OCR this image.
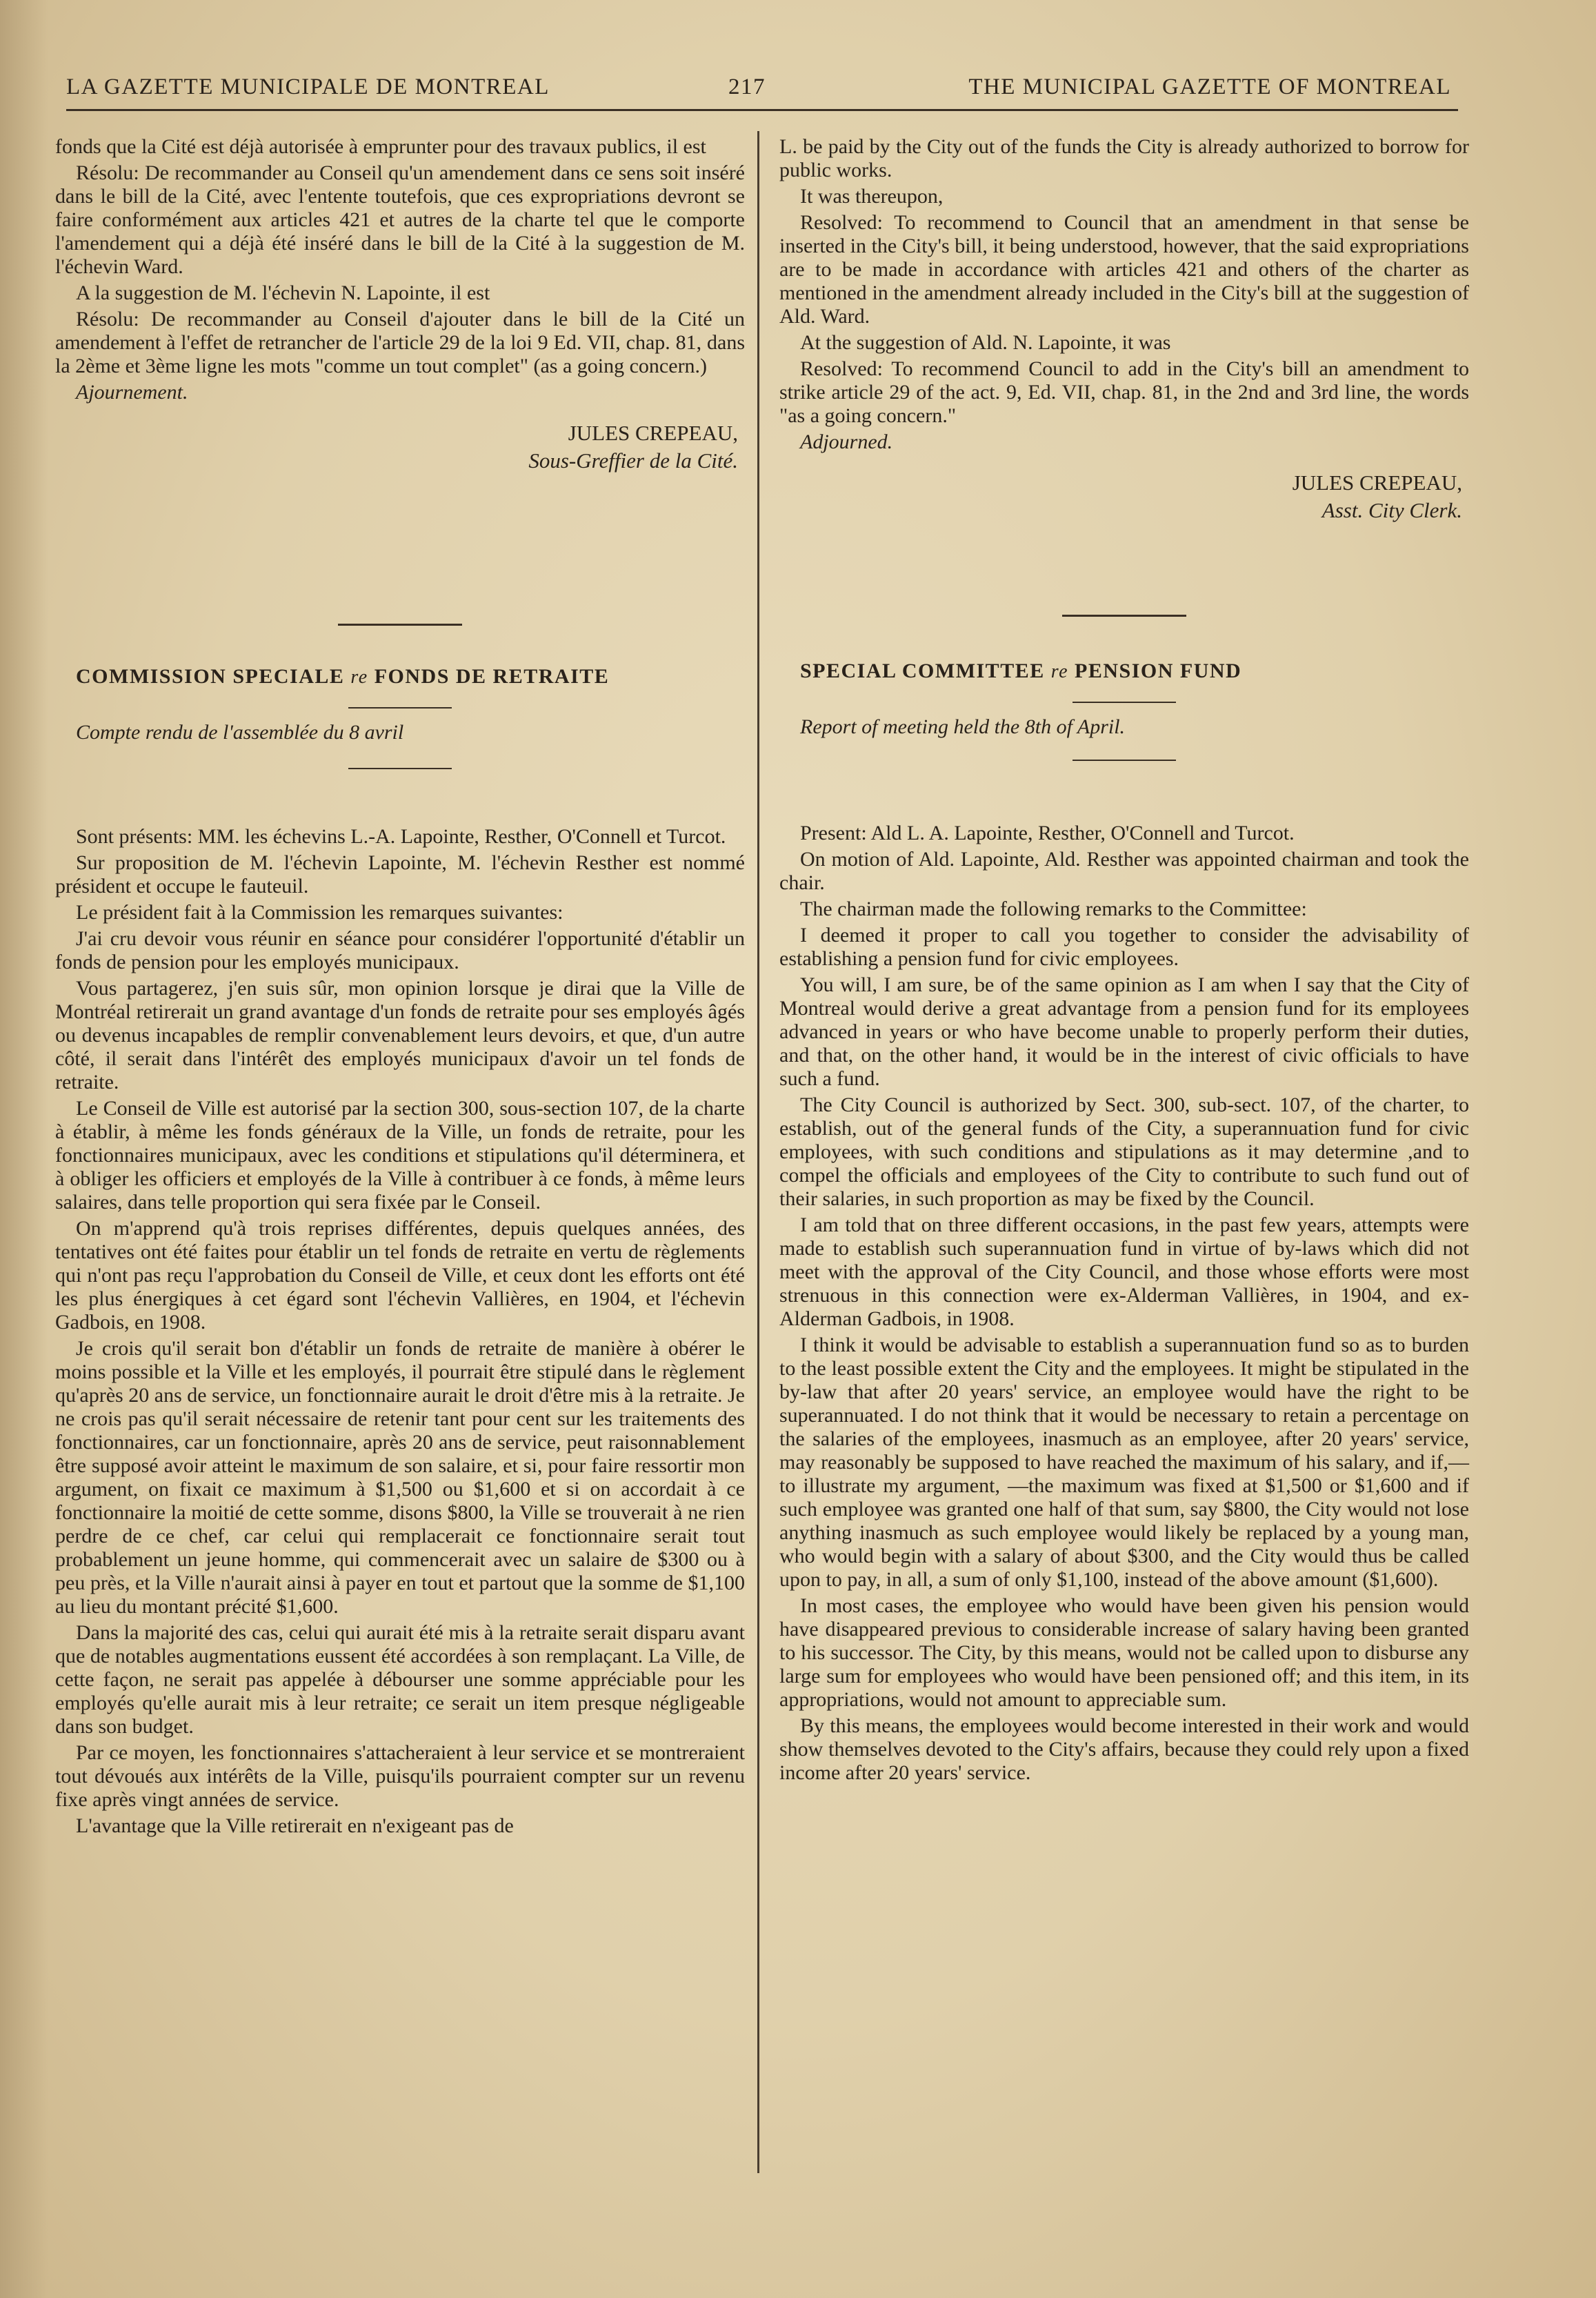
LA GAZETTE MUNICIPALE DE MONTREAL	217	THE MUNICIPAL GAZETTE OF MONTREAL

fonds que la Cité est déjà autorisée à emprunter pour des travaux publics, il est

Résolu: De recommander au Conseil qu'un amendement dans ce sens soit inséré dans le bill de la Cité, avec l'entente toutefois, que ces expropriations devront se faire conformément aux articles 421 et autres de la charte tel que le comporte l'amendement qui a déjà été inséré dans le bill de la Cité à la suggestion de M. l'échevin Ward.

A la suggestion de M. l'échevin N. Lapointe, il est

Résolu: De recommander au Conseil d'ajouter dans le bill de la Cité un amendement à l'effet de retrancher de l'article 29 de la loi 9 Ed. VII, chap. 81, dans la 2ème et 3ème ligne les mots "comme un tout complet" (as a going concern.)

Ajournement.

JULES CREPEAU,
Sous-Greffier de la Cité.

COMMISSION SPECIALE re FONDS DE RETRAITE

Compte rendu de l'assemblée du 8 avril

Sont présents: MM. les échevins L.-A. Lapointe, Resther, O'Connell et Turcot.

Sur proposition de M. l'échevin Lapointe, M. l'échevin Resther est nommé président et occupe le fauteuil.

Le président fait à la Commission les remarques suivantes:

J'ai cru devoir vous réunir en séance pour considérer l'opportunité d'établir un fonds de pension pour les employés municipaux.

Vous partagerez, j'en suis sûr, mon opinion lorsque je dirai que la Ville de Montréal retirerait un grand avantage d'un fonds de retraite pour ses employés âgés ou devenus incapables de remplir convenablement leurs devoirs, et que, d'un autre côté, il serait dans l'intérêt des employés municipaux d'avoir un tel fonds de retraite.

Le Conseil de Ville est autorisé par la section 300, sous-section 107, de la charte à établir, à même les fonds généraux de la Ville, un fonds de retraite, pour les fonctionnaires municipaux, avec les conditions et stipulations qu'il déterminera, et à obliger les officiers et employés de la Ville à contribuer à ce fonds, à même leurs salaires, dans telle proportion qui sera fixée par le Conseil.

On m'apprend qu'à trois reprises différentes, depuis quelques années, des tentatives ont été faites pour établir un tel fonds de retraite en vertu de règlements qui n'ont pas reçu l'approbation du Conseil de Ville, et ceux dont les efforts ont été les plus énergiques à cet égard sont l'échevin Vallières, en 1904, et l'échevin Gadbois, en 1908.

Je crois qu'il serait bon d'établir un fonds de retraite de manière à obérer le moins possible et la Ville et les employés, il pourrait être stipulé dans le règlement qu'après 20 ans de service, un fonctionnaire aurait le droit d'être mis à la retraite. Je ne crois pas qu'il serait nécessaire de retenir tant pour cent sur les traitements des fonctionnaires, car un fonctionnaire, après 20 ans de service, peut raisonnablement être supposé avoir atteint le maximum de son salaire, et si, pour faire ressortir mon argument, on fixait ce maximum à $1,500 ou $1,600 et si on accordait à ce fonctionnaire la moitié de cette somme, disons $800, la Ville se trouverait à ne rien perdre de ce chef, car celui qui remplacerait ce fonctionnaire serait tout probablement un jeune homme, qui commencerait avec un salaire de $300 ou à peu près, et la Ville n'aurait ainsi à payer en tout et partout que la somme de $1,100 au lieu du montant précité $1,600.

Dans la majorité des cas, celui qui aurait été mis à la retraite serait disparu avant que de notables augmentations eussent été accordées à son remplaçant. La Ville, de cette façon, ne serait pas appelée à débourser une somme appréciable pour les employés qu'elle aurait mis à leur retraite; ce serait un item presque négligeable dans son budget.

Par ce moyen, les fonctionnaires s'attacheraient à leur service et se montreraient tout dévoués aux intérêts de la Ville, puisqu'ils pourraient compter sur un revenu fixe après vingt années de service.

L'avantage que la Ville retirerait en n'exigeant pas de

L. be paid by the City out of the funds the City is already authorized to borrow for public works.

It was thereupon,

Resolved: To recommend to Council that an amendment in that sense be inserted in the City's bill, it being understood, however, that the said expropriations are to be made in accordance with articles 421 and others of the charter as mentioned in the amendment already included in the City's bill at the suggestion of Ald. Ward.

At the suggestion of Ald. N. Lapointe, it was

Resolved: To recommend Council to add in the City's bill an amendment to strike article 29 of the act. 9, Ed. VII, chap. 81, in the 2nd and 3rd line, the words "as a going concern."

Adjourned.

JULES CREPEAU,
Asst. City Clerk.

SPECIAL COMMITTEE re PENSION FUND

Report of meeting held the 8th of April.

Present: Ald L. A. Lapointe, Resther, O'Connell and Turcot.

On motion of Ald. Lapointe, Ald. Resther was appointed chairman and took the chair.

The chairman made the following remarks to the Committee:

I deemed it proper to call you together to consider the advisability of establishing a pension fund for civic employees.

You will, I am sure, be of the same opinion as I am when I say that the City of Montreal would derive a great advantage from a pension fund for its employees advanced in years or who have become unable to properly perform their duties, and that, on the other hand, it would be in the interest of civic officials to have such a fund.

The City Council is authorized by Sect. 300, sub-sect. 107, of the charter, to establish, out of the general funds of the City, a superannuation fund for civic employees, with such conditions and stipulations as it may determine ,and to compel the officials and employees of the City to contribute to such fund out of their salaries, in such proportion as may be fixed by the Council.

I am told that on three different occasions, in the past few years, attempts were made to establish such superannuation fund in virtue of by-laws which did not meet with the approval of the City Council, and those whose efforts were most strenuous in this connection were ex-Alderman Vallières, in 1904, and ex-Alderman Gadbois, in 1908.

I think it would be advisable to establish a superannuation fund so as to burden to the least possible extent the City and the employees. It might be stipulated in the by-law that after 20 years' service, an employee would have the right to be superannuated. I do not think that it would be necessary to retain a percentage on the salaries of the employees, inasmuch as an employee, after 20 years' service, may reasonably be supposed to have reached the maximum of his salary, and if,—to illustrate my argument, —the maximum was fixed at $1,500 or $1,600 and if such employee was granted one half of that sum, say $800, the City would not lose anything inasmuch as such employee would likely be replaced by a young man, who would begin with a salary of about $300, and the City would thus be called upon to pay, in all, a sum of only $1,100, instead of the above amount ($1,600).

In most cases, the employee who would have been given his pension would have disappeared previous to considerable increase of salary having been granted to his successor. The City, by this means, would not be called upon to disburse any large sum for employees who would have been pensioned off; and this item, in its appropriations, would not amount to appreciable sum.

By this means, the employees would become interested in their work and would show themselves devoted to the City's affairs, because they could rely upon a fixed income after 20 years' service.
